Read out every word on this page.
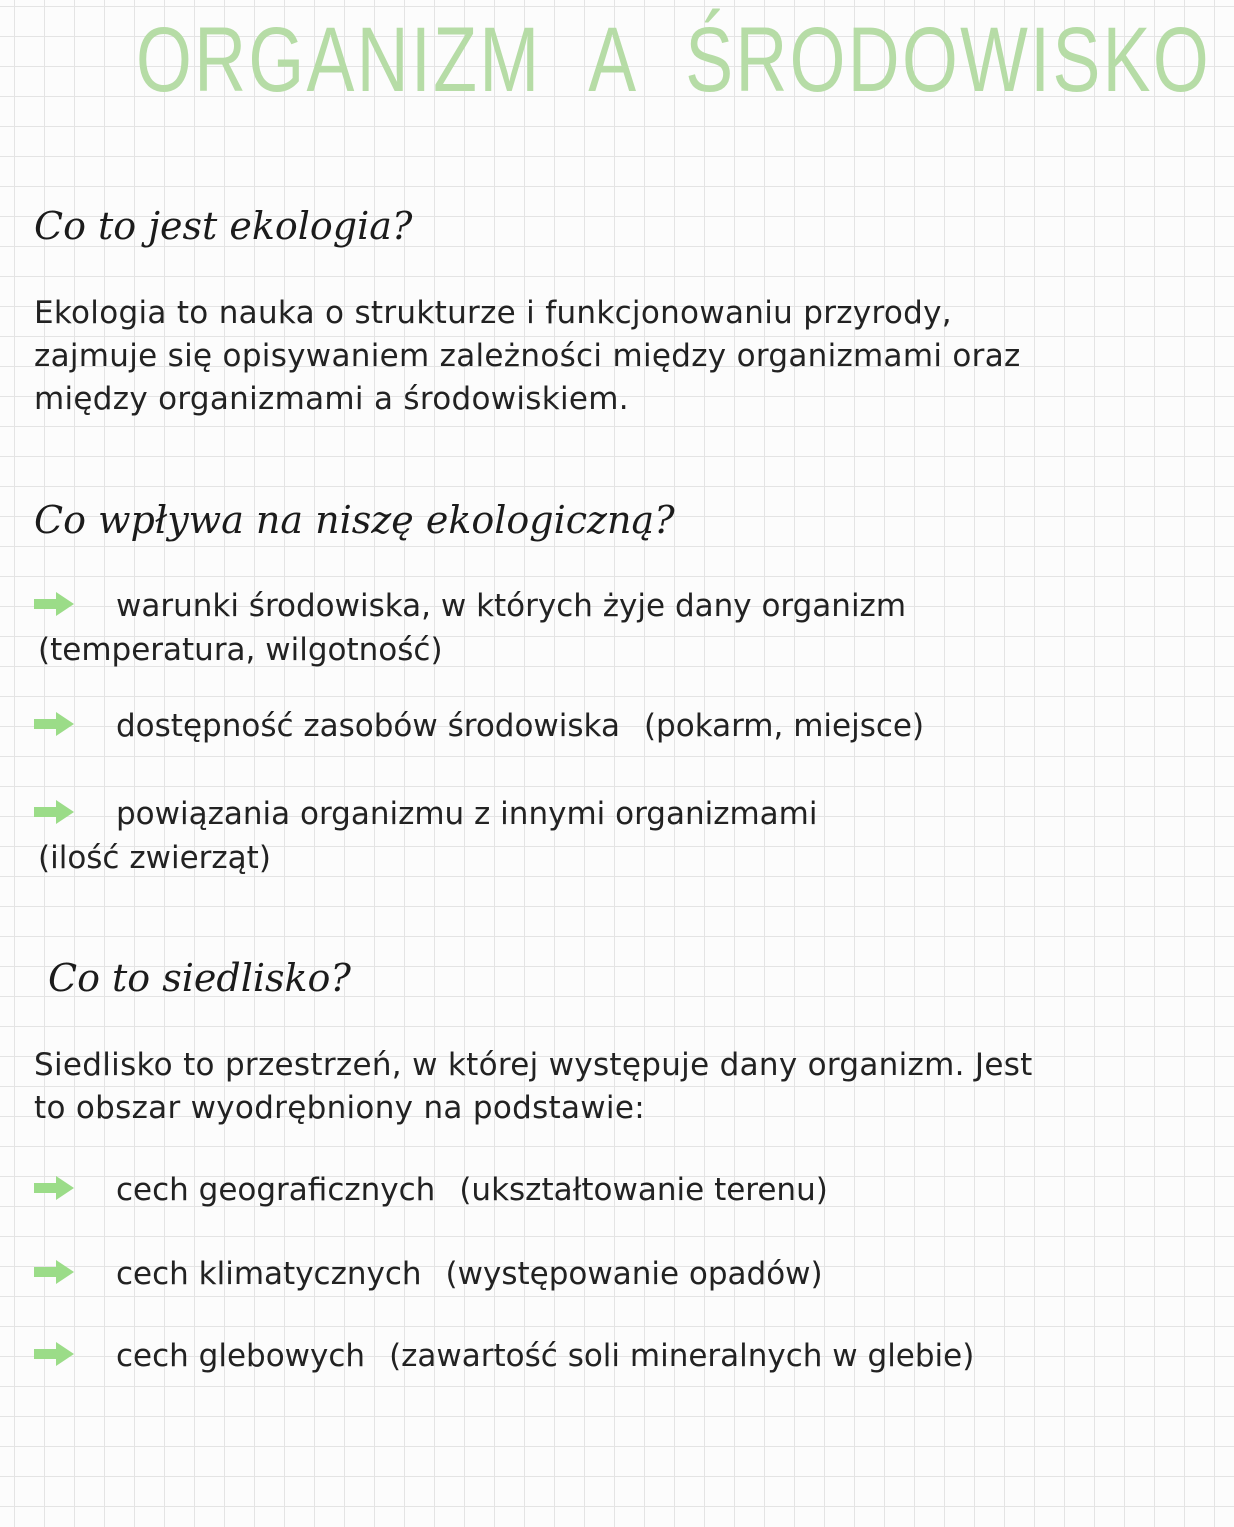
ORGANIZM A ŚRODOWISKO
Co to jest ekologia?

Ekologia to nauka o strukturze i funkcjonowaniu przyrody, zajmuje się opisywaniem zależności między organizmami oraz między organizmami a środowiskiem.

Co wpływa na niszę ekologiczną?
warunki środowiska, w których żyje dany organizm
(temperatura, wilgotność)
dostępność zasobów środowiska (pokarm, miejsce)
powiązania organizmu z innymi organizmami
(ilość zwierząt)
Co to siedlisko?

Siedlisko to przestrzeń, w której występuje dany organizm. Jest to obszar wyodrębniony na podstawie:

cech geograficznych (ukształtowanie terenu)
cech klimatycznych (występowanie opadów)
cech glebowych (zawartość soli mineralnych w glebie)
